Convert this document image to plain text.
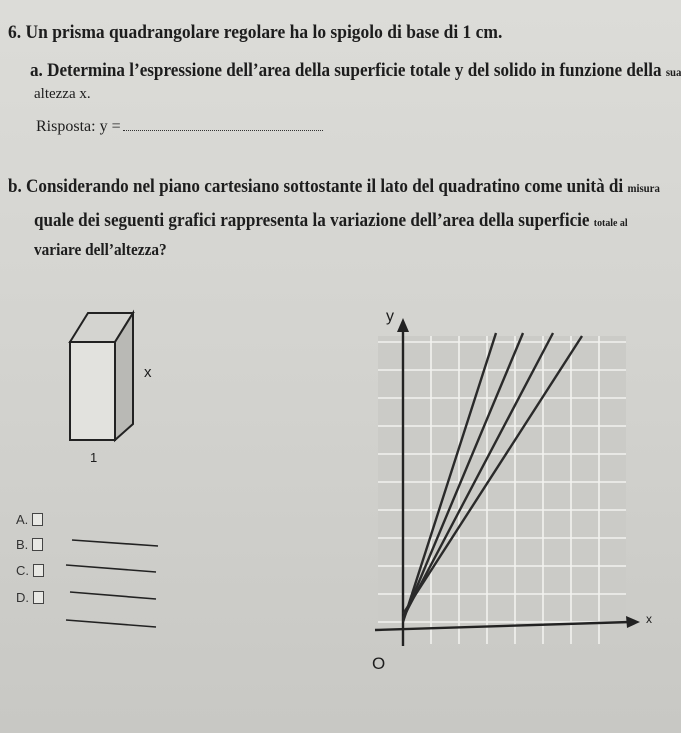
6. Un prisma quadrangolare regolare ha lo spigolo di base di 1 cm.
a. Determina l’espressione dell’area della superficie totale y del solido in funzione della sua
altezza x.
Risposta: y =
b. Considerando nel piano cartesiano sottostante il lato del quadratino come unità di misura
quale dei seguenti grafici rappresenta la variazione dell’area della superficie totale al
variare dell’altezza?
x
1
y
x
O
A.
B.
C.
D.
